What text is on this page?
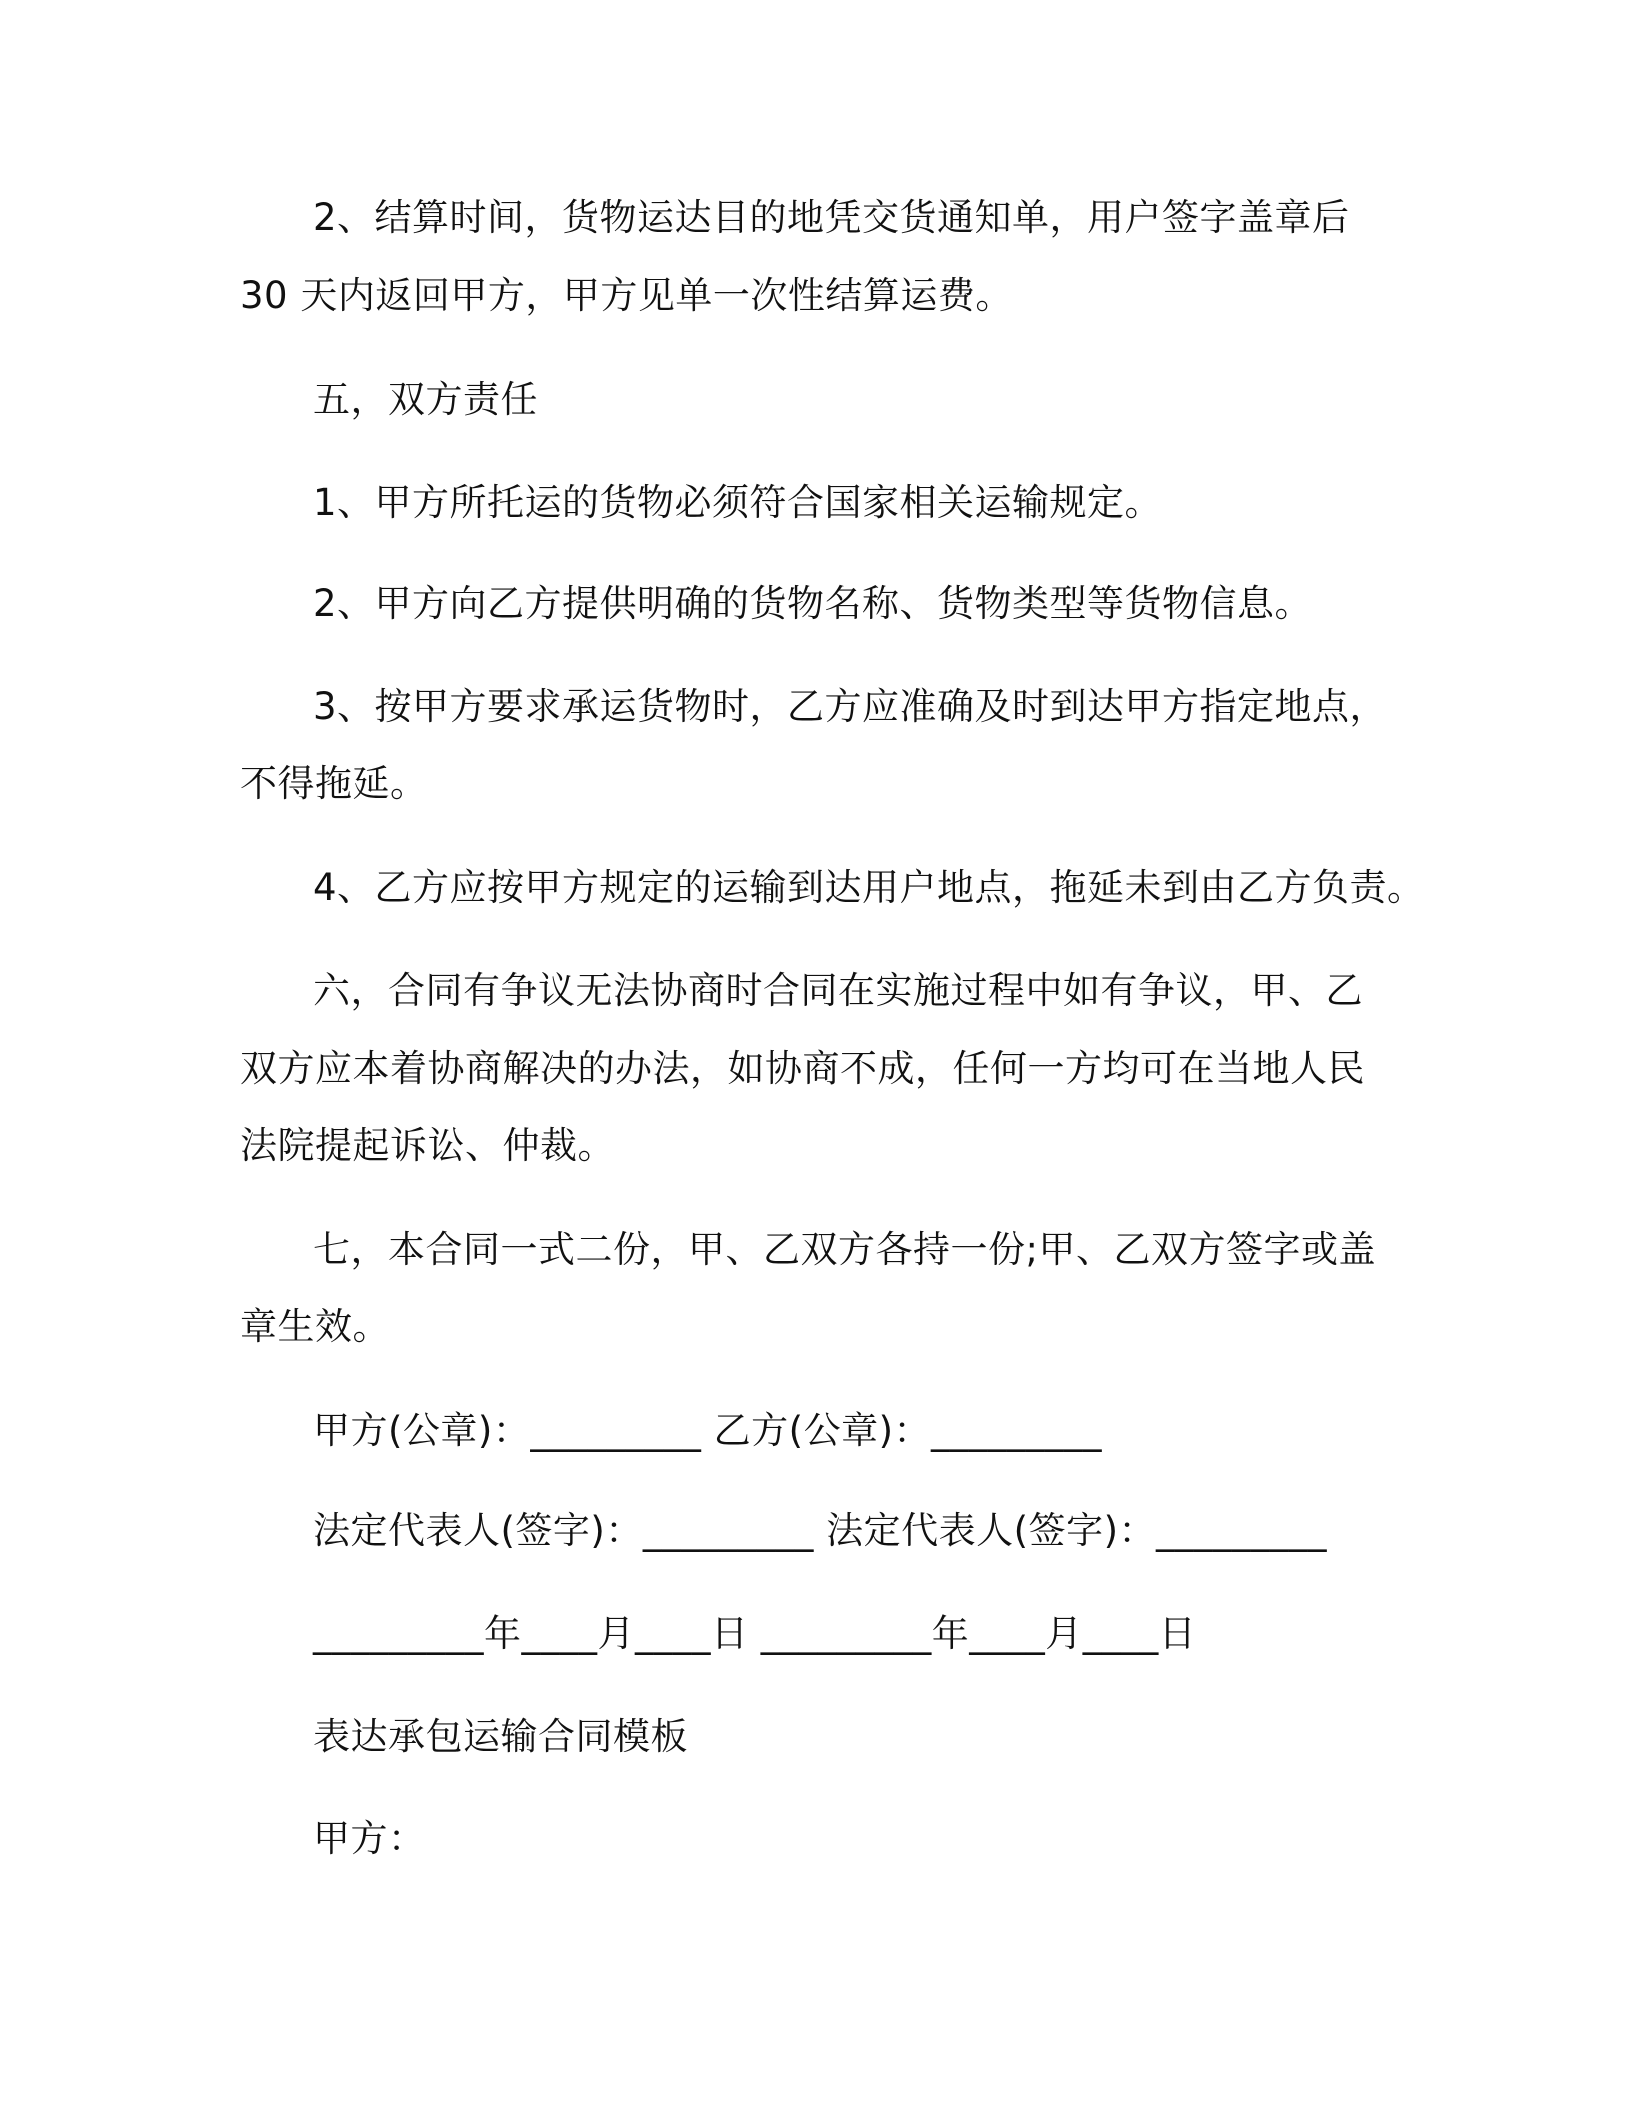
2、结算时间，货物运达目的地凭交货通知单，用户签字盖章后
30 天内返回甲方，甲方见单一次性结算运费。
五，双方责任
1、甲方所托运的货物必须符合国家相关运输规定。
2、甲方向乙方提供明确的货物名称、货物类型等货物信息。
3、按甲方要求承运货物时，乙方应准确及时到达甲方指定地点，
不得拖延。
4、乙方应按甲方规定的运输到达用户地点，拖延未到由乙方负责。
六，合同有争议无法协商时合同在实施过程中如有争议，甲、乙
双方应本着协商解决的办法，如协商不成，任何一方均可在当地人民
法院提起诉讼、仲裁。
七，本合同一式二份，甲、乙双方各持一份;甲、乙双方签字或盖
章生效。
甲方(公章)：_________ 乙方(公章)：_________
法定代表人(签字)：_________ 法定代表人(签字)：_________
_________年____月____日 _________年____月____日
表达承包运输合同模板
甲方：
